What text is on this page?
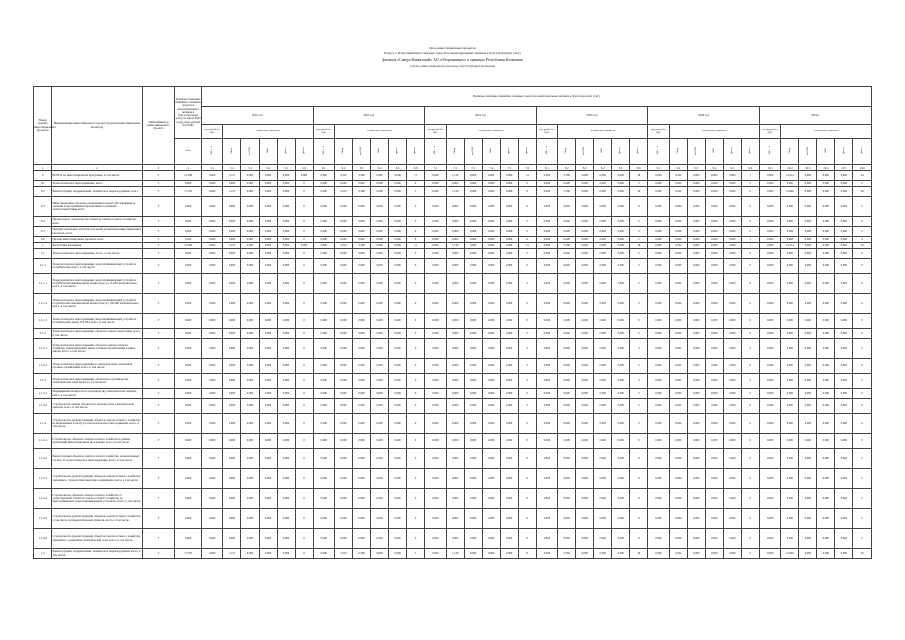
Цель инвестиционных проектов
Раздел 1. План принятия основных средств и нематериальных активов к бухгалтерскому учету
филиала «Северо-Кавказский» АО «Оборонэнерго» в границах Республики Калмыкия
(объект инвестиционной деятельности) Республика Калмыкия
Номер группы инвестиционных проектов	Наименование инвестиционного проекта (группы инвестиционных проектов)	Идентификатор инвестиционного проекта	Плановое значение принятия основных средств и нематериальных активов к бухгалтерскому учету (в ценах 2022 года), млн. рублей без НДС	Плановое значение принятия основных средств и нематериальных активов к бухгалтерскому учету																																			
				2022 год						2023 год						2024 год						2025 год						2026 год						Итого					
				млн рублей без НДС	технические показатели					млн рублей без НДС	технические показатели					млн рублей без НДС	технические показатели					млн рублей без НДС	технические показатели					млн рублей без НДС	технические показатели					млн рублей без НДС	технические показатели				
			План	МВ×А	Мвар	км ЛЭП	МВт	другое	другое	МВ×А	Мвар	км ЛЭП	МВт	другое	другое	МВ×А	Мвар	км ЛЭП	МВт	другое	другое	МВ×А	Мвар	км ЛЭП	МВт	другое	другое	МВ×А	Мвар	км ЛЭП	МВт	другое	другое	МВ×А	Мвар	км ЛЭП	МВт	другое	другое
1	2	3	4	5.1	5.2	5.3	5.4	5.5	5.6	6.1	6.2	6.3	6.4	6.5	6.6	7.1	7.2	7.3	7.4	7.5	7.6	8.1	8.2	8.3	8.4	8.5	8.6	9.1	9.2	9.3	9.4	9.5	9.6	10.1	10.2	10.3	10.4	10.5	10.6
0	ВСЕГО по инвестиционной программе, в том числе:	Г	21,389	0,000	1,115	0,000	0,000	0,000	0,000	0,000	4,323	0,368	0,000	0,000	11	0,000	1,120	0,000	0,000	0,000	14	0,000	2,766	0,000	0,000	0,000	18	0,000	4,322	0,000	0,000	0,000	1	0,000	14,514	0,000	0,000	0,000	44
0.1	Технологическое присоединение, всего	Г	0,000	0,000	0,000	0,000	0,000	0,000	0	0,000	0,000	0,000	0,000	0,000	0	0,000	0,000	0,000	0,000	0,000	0	0,000	0,000	0,000	0,000	0,000	0	0,000	0,000	0,000	0,000	0,000	0	0,000	0,000	0,000	0,000	0,000	0
0.2	Реконструкция, модернизация, техническое перевооружение, всего	Г	17,765	0,000	1,115	0,000	0,000	0,000	0	0,000	4,323	0,368	0,000	0,000	3	0,000	1,120	0,000	0,000	0,000	8	0,000	2,766	0,000	0,000	0,000	16	0,000	4,322	0,000	0,000	0,000	0	0,000	13,646	0,000	0,000	0,000	40
0.3	Инвестиционные проекты, реализация которых обуславливается схемами и программами перспективного развития электроэнергетики, всего	Г	0,000	0,000	0,000	0,000	0,000	0,000	0	0,000	0,000	0,000	0,000	0,000	0	0,000	0,000	0,000	0,000	0,000	0	0,000	0,000	0,000	0,000	0,000	0	0,000	0,000	0,000	0,000	0,000	0	0,000	0,000	0,000	0,000	0,000	0
0.4	Прочее новое строительство объектов электросетевого хозяйства, всего	Г	0,000	0,000	0,000	0,000	0,000	0,000	0	0,000	0,000	0,000	0,000	0,000	0	0,000	0,000	0,000	0,000	0,000	0	0,000	0,000	0,000	0,000	0,000	0	0,000	0,000	0,000	0,000	0,000	0	0,000	0,000	0,000	0,000	0,000	0
0.5	Покупка земельных участков для целей реализации инвестиционных проектов, всего	Г	0,000	0,000	0,000	0,000	0,000	0,000	0	0,000	0,000	0,000	0,000	0,000	0	0,000	0,000	0,000	0,000	0,000	0	0,000	0,000	0,000	0,000	0,000	0	0,000	0,000	0,000	0,000	0,000	0	0,000	0,000	0,000	0,000	0,000	0
0.6	Прочие инвестиционные проекты, всего	Г	3,624	0,000	0,000	0,000	0,000	0,000	0	0,000	0,000	0,000	0,000	0,000	8	0,000	0,000	0,000	0,000	0,000	6	0,000	0,000	0,000	0,000	0,000	2	0,000	0,000	0,000	0,000	0,000	1	0,000	0,868	0,000	0,000	0,000	4
1	Республика Калмыкия	Г	21,389	0,000	1,115	0,000	0,000	0,000	0,000	0,000	4,323	0,368	0,000	0,000	11	0,000	1,120	0,000	0,000	0,000	14	0,000	2,766	0,000	0,000	0,000	18	0,000	4,322	0,000	0,000	0,000	1	0,000	14,514	0,000	0,000	0,000	44
1.1	Технологическое присоединение, всего, в том числе:	Г	0,000	0,000	0,000	0,000	0,000	0,000	0	0,000	0,000	0,000	0,000	0,000	0	0,000	0,000	0,000	0,000	0,000	0	0,000	0,000	0,000	0,000	0,000	0	0,000	0,000	0,000	0,000	0,000	0	0,000	0,000	0,000	0,000	0,000	0
1.1.1	Технологическое присоединение энергопринимающих устройств потребителей, всего, в том числе:	Г	0,000	0,000	0,000	0,000	0,000	0,000	0	0,000	0,000	0,000	0,000	0,000	0	0,000	0,000	0,000	0,000	0,000	0	0,000	0,000	0,000	0,000	0,000	0	0,000	0,000	0,000	0,000	0,000	0	0,000	0,000	0,000	0,000	0,000	0
1.1.1.1	Технологическое присоединение энергопринимающих устройств потребителей максимальной мощностью до 15 кВт включительно, всего, в том числе:	Г	0,000	0,000	0,000	0,000	0,000	0,000	0	0,000	0,000	0,000	0,000	0,000	0	0,000	0,000	0,000	0,000	0,000	0	0,000	0,000	0,000	0,000	0,000	0	0,000	0,000	0,000	0,000	0,000	0	0,000	0,000	0,000	0,000	0,000	0
1.1.1.2	Технологическое присоединение энергопринимающих устройств потребителей максимальной мощностью до 150 кВт включительно, всего, в том числе:	Г	0,000	0,000	0,000	0,000	0,000	0,000	0	0,000	0,000	0,000	0,000	0,000	0	0,000	0,000	0,000	0,000	0,000	0	0,000	0,000	0,000	0,000	0,000	0	0,000	0,000	0,000	0,000	0,000	0	0,000	0,000	0,000	0,000	0,000	0
1.1.1.3	Технологическое присоединение энергопринимающих устройств потребителей свыше 150 кВт, всего, в том числе:	Г	0,000	0,000	0,000	0,000	0,000	0,000	0	0,000	0,000	0,000	0,000	0,000	0	0,000	0,000	0,000	0,000	0,000	0	0,000	0,000	0,000	0,000	0,000	0	0,000	0,000	0,000	0,000	0,000	0	0,000	0,000	0,000	0,000	0,000	0
1.1.2	Технологическое присоединение объектов электроэнергетики, всего, в том числе:	Г	0,000	0,000	0,000	0,000	0,000	0,000	0	0,000	0,000	0,000	0,000	0,000	0	0,000	0,000	0,000	0,000	0,000	0	0,000	0,000	0,000	0,000	0,000	0	0,000	0,000	0,000	0,000	0,000	0	0,000	0,000	0,000	0,000	0,000	0
1.1.2.1	Технологическое присоединение объектов электросетевого хозяйства, принадлежащих иным сетевым организациям и иным лицам, всего, в том числе:	Г	0,000	0,000	0,000	0,000	0,000	0,000	0	0,000	0,000	0,000	0,000	0,000	0	0,000	0,000	0,000	0,000	0,000	0	0,000	0,000	0,000	0,000	0,000	0	0,000	0,000	0,000	0,000	0,000	0	0,000	0,000	0,000	0,000	0,000	0
1.1.2.2	Технологическое присоединение к электрическим сетям иных сетевых организаций, всего, в том числе:	Г	0,000	0,000	0,000	0,000	0,000	0,000	0	0,000	0,000	0,000	0,000	0,000	0	0,000	0,000	0,000	0,000	0,000	0	0,000	0,000	0,000	0,000	0,000	0	0,000	0,000	0,000	0,000	0,000	0	0,000	0,000	0,000	0,000	0,000	0
1.1.3	Технологическое присоединение объектов по производству электрической энергии всего, в том числе:	Г	0,000	0,000	0,000	0,000	0,000	0,000	0	0,000	0,000	0,000	0,000	0,000	0	0,000	0,000	0,000	0,000	0,000	0	0,000	0,000	0,000	0,000	0,000	0	0,000	0,000	0,000	0,000	0,000	0	0,000	0,000	0,000	0,000	0,000	0
1.1.3.1	Наращивание мощности по производству электрической энергии, всего, в том числе:	Г	0,000	0,000	0,000	0,000	0,000	0,000	0	0,000	0,000	0,000	0,000	0,000	0	0,000	0,000	0,000	0,000	0,000	0	0,000	0,000	0,000	0,000	0,000	0	0,000	0,000	0,000	0,000	0,000	0	0,000	0,000	0,000	0,000	0,000	0
1.1.3.2	Строительство новых объектов по производству электрической энергии, всего, в том числе:	Г	0,000	0,000	0,000	0,000	0,000	0,000	0	0,000	0,000	0,000	0,000	0,000	0	0,000	0,000	0,000	0,000	0,000	0	0,000	0,000	0,000	0,000	0,000	0	0,000	0,000	0,000	0,000	0,000	0	0,000	0,000	0,000	0,000	0,000	0
1.1.4	Строительство (реконструкция) объектов электросетевого хозяйства, не включенных в плату за технологическое присоединение, всего, в том числе:	Г	0,000	0,000	0,000	0,000	0,000	0,000	0	0,000	0,000	0,000	0,000	0,000	0	0,000	0,000	0,000	0,000	0,000	0	0,000	0,000	0,000	0,000	0,000	0	0,000	0,000	0,000	0,000	0,000	0	0,000	0,000	0,000	0,000	0,000	0
1.1.4.1	Строительство объектов электросетевого хозяйства в рамках реализации инвестиционной программы, всего, в том числе:	Г	0,000	0,000	0,000	0,000	0,000	0,000	0	0,000	0,000	0,000	0,000	0,000	0	0,000	0,000	0,000	0,000	0,000	0	0,000	0,000	0,000	0,000	0,000	0	0,000	0,000	0,000	0,000	0,000	0	0,000	0,000	0,000	0,000	0,000	0
1.1.4.2	Реконструкция объектов электросетевого хозяйства, не включенных в плату за технологическое присоединение, всего, в том числе:	Г	0,000	0,000	0,000	0,000	0,000	0,000	0	0,000	0,000	0,000	0,000	0,000	0	0,000	0,000	0,000	0,000	0,000	0	0,000	0,000	0,000	0,000	0,000	0	0,000	0,000	0,000	0,000	0,000	0	0,000	0,000	0,000	0,000	0,000	0
1.1.4.3	Строительство (реконструкция) объектов электросетевого хозяйства, связанных с технологическим присоединением, всего, в том числе:	Г	0,000	0,000	0,000	0,000	0,000	0,000	0	0,000	0,000	0,000	0,000	0,000	0	0,000	0,000	0,000	0,000	0,000	0	0,000	0,000	0,000	0,000	0,000	0	0,000	0,000	0,000	0,000	0,000	0	0,000	0,000	0,000	0,000	0,000	0
1.1.4.4	Строительство объектов электросетевого хозяйства от существующих объектов электросетевого хозяйства до присоединяемых энергопринимающих устройств, всего, в том числе:	Г	0,000	0,000	0,000	0,000	0,000	0,000	0	0,000	0,000	0,000	0,000	0,000	0	0,000	0,000	0,000	0,000	0,000	0	0,000	0,000	0,000	0,000	0,000	0	0,000	0,000	0,000	0,000	0,000	0	0,000	0,000	0,000	0,000	0,000	0
1.1.4.5	Строительство (реконструкция) объектов электросетевого хозяйства, в том числе распределительных пунктов, всего, в том числе:	Г	0,000	0,000	0,000	0,000	0,000	0,000	0	0,000	0,000	0,000	0,000	0,000	0	0,000	0,000	0,000	0,000	0,000	0	0,000	0,000	0,000	0,000	0,000	0	0,000	0,000	0,000	0,000	0,000	0	0,000	0,000	0,000	0,000	0,000	0
1.1.4.6	Строительство (реконструкция) объектов электросетевого хозяйства, связанных с развитием электрической сети, всего, в том числе:	Г	0,000	0,000	0,000	0,000	0,000	0,000	0	0,000	0,000	0,000	0,000	0,000	0	0,000	0,000	0,000	0,000	0,000	0	0,000	0,000	0,000	0,000	0,000	0	0,000	0,000	0,000	0,000	0,000	0	0,000	0,000	0,000	0,000	0,000	0
1.2	Реконструкция, модернизация, техническое перевооружение всего, в том числе:	Г	17,765	0,000	1,115	0,000	0,000	0,000	0	0,000	4,323	0,368	0,000	0,000	3	0,000	1,120	0,000	0,000	0,000	8	0,000	2,766	0,000	0,000	0,000	16	0,000	4,322	0,000	0,000	0,000	0	0,000	13,646	0,000	0,000	0,000	40
